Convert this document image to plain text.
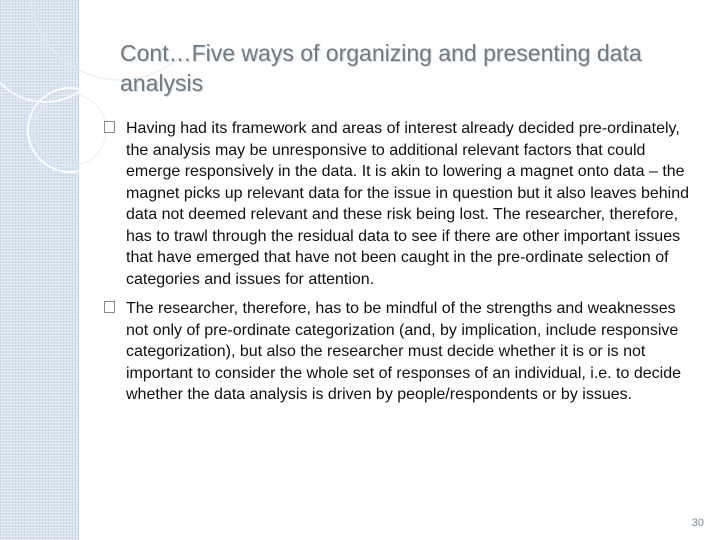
Cont…Five ways of organizing and presenting data analysis
Having had its framework and areas of interest already decided pre-ordinately, the analysis may be unresponsive to additional relevant factors that could emerge responsively in the data. It is akin to lowering a magnet onto data – the magnet picks up relevant data for the issue in question but it also leaves behind data not deemed relevant and these risk being lost. The researcher, therefore, has to trawl through the residual data to see if there are other important issues that have emerged that have not been caught in the pre-ordinate selection of categories and issues for attention.
The researcher, therefore, has to be mindful of the strengths and weaknesses not only of pre-ordinate categorization (and, by implication, include responsive categorization), but also the researcher must decide whether it is or is not important to consider the whole set of responses of an individual, i.e. to decide whether the data analysis is driven by people/respondents or by issues.
30
